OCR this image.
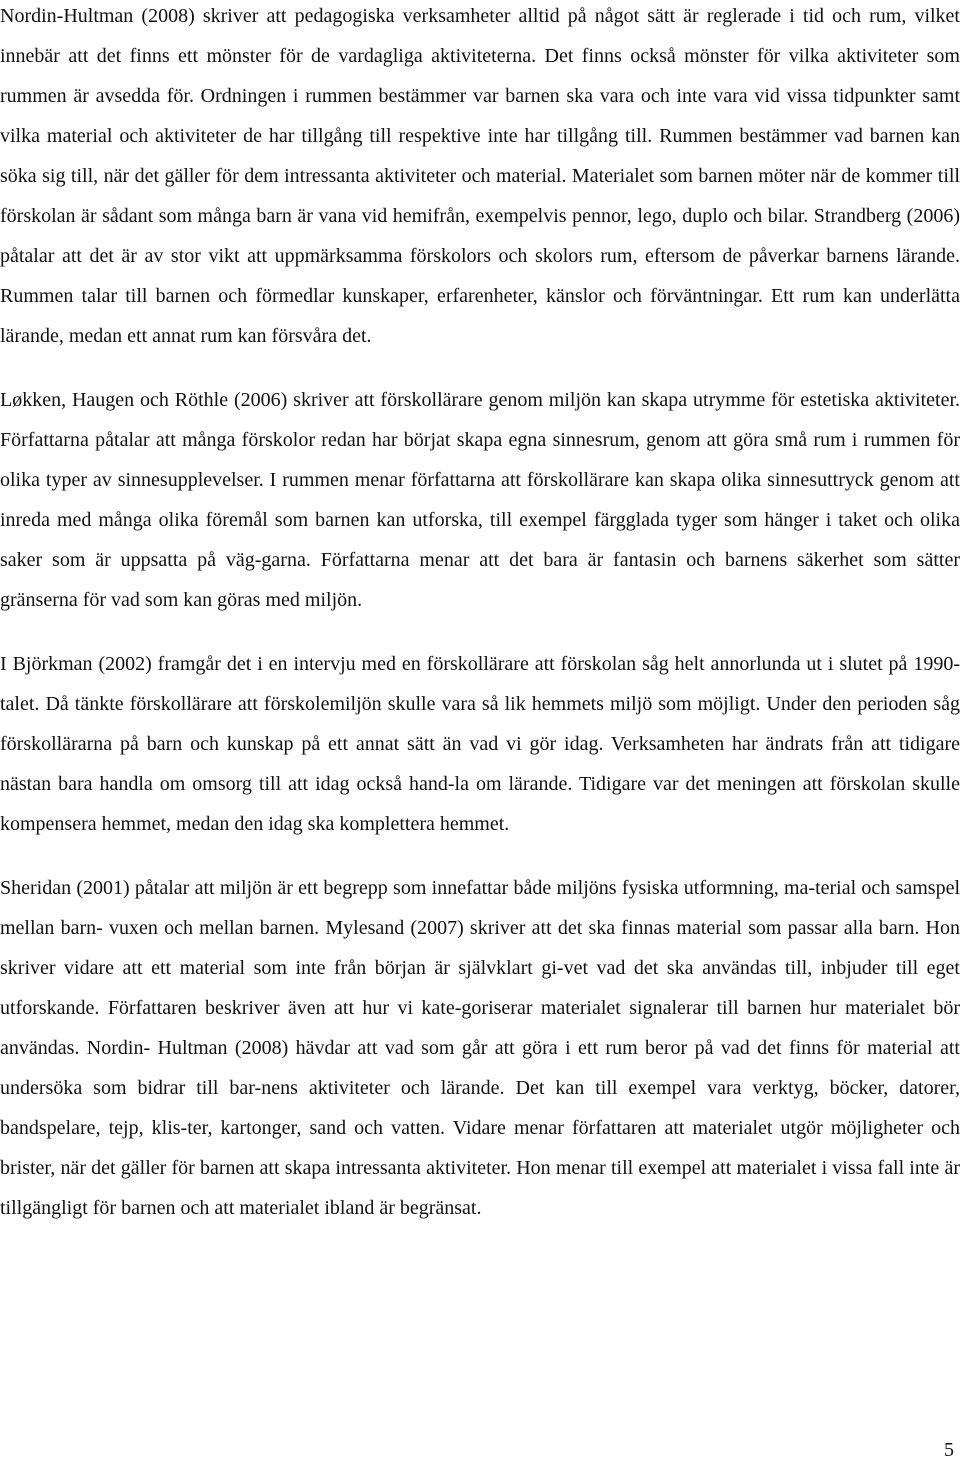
Nordin-Hultman (2008) skriver att pedagogiska verksamheter alltid på något sätt är reglerade i tid och rum, vilket innebär att det finns ett mönster för de vardagliga aktiviteterna. Det finns också mönster för vilka aktiviteter som rummen är avsedda för. Ordningen i rummen bestämmer var barnen ska vara och inte vara vid vissa tidpunkter samt vilka material och aktiviteter de har tillgång till respektive inte har tillgång till. Rummen bestämmer vad barnen kan söka sig till, när det gäller för dem intressanta aktiviteter och material. Materialet som barnen möter när de kommer till förskolan är sådant som många barn är vana vid hemifrån, exempelvis pennor, lego, duplo och bilar. Strandberg (2006) påtalar att det är av stor vikt att uppmärksamma förskolors och skolors rum, eftersom de påverkar barnens lärande. Rummen talar till barnen och förmedlar kunskaper, erfarenheter, känslor och förväntningar. Ett rum kan underlätta lärande, medan ett annat rum kan försvåra det.

Løkken, Haugen och Röthle (2006) skriver att förskollärare genom miljön kan skapa utrymme för estetiska aktiviteter. Författarna påtalar att många förskolor redan har börjat skapa egna sinnesrum, genom att göra små rum i rummen för olika typer av sinnesupplevelser. I rummen menar författarna att förskollärare kan skapa olika sinnesuttryck genom att inreda med många olika föremål som barnen kan utforska, till exempel färgglada tyger som hänger i taket och olika saker som är uppsatta på väg-garna. Författarna menar att det bara är fantasin och barnens säkerhet som sätter gränserna för vad som kan göras med miljön.

I Björkman (2002) framgår det i en intervju med en förskollärare att förskolan såg helt annorlunda ut i slutet på 1990-talet. Då tänkte förskollärare att förskolemiljön skulle vara så lik hemmets miljö som möjligt. Under den perioden såg förskollärarna på barn och kunskap på ett annat sätt än vad vi gör idag. Verksamheten har ändrats från att tidigare nästan bara handla om omsorg till att idag också hand-la om lärande. Tidigare var det meningen att förskolan skulle kompensera hemmet, medan den idag ska komplettera hemmet.

Sheridan (2001) påtalar att miljön är ett begrepp som innefattar både miljöns fysiska utformning, ma-terial och samspel mellan barn- vuxen och mellan barnen. Mylesand (2007) skriver att det ska finnas material som passar alla barn. Hon skriver vidare att ett material som inte från början är självklart gi-vet vad det ska användas till, inbjuder till eget utforskande. Författaren beskriver även att hur vi kate-goriserar materialet signalerar till barnen hur materialet bör användas. Nordin- Hultman (2008) hävdar att vad som går att göra i ett rum beror på vad det finns för material att undersöka som bidrar till bar-nens aktiviteter och lärande. Det kan till exempel vara verktyg, böcker, datorer, bandspelare, tejp, klis-ter, kartonger, sand och vatten. Vidare menar författaren att materialet utgör möjligheter och brister, när det gäller för barnen att skapa intressanta aktiviteter. Hon menar till exempel att materialet i vissa fall inte är tillgängligt för barnen och att materialet ibland är begränsat.

5
